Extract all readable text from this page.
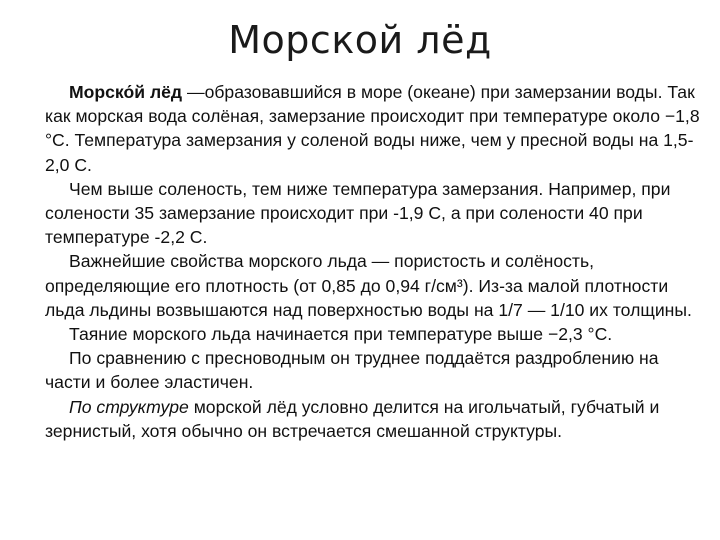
Морской лёд

Морско́й лёд —образовавшийся в море (океане) при замерзании воды. Так как морская вода солёная, замерзание происходит при температуре около −1,8 °C. Температура замерзания у соленой воды ниже, чем у пресной воды на 1,5-2,0 С.

Чем выше соленость, тем ниже температура замерзания. Например, при солености 35 замерзание происходит при -1,9 С, а при солености 40 при температуре -2,2 С.

Важнейшие свойства морского льда — пористость и солёность, определяющие его плотность (от 0,85 до 0,94 г/см³). Из-за малой плотности льда льдины возвышаются над поверхностью воды на 1/7 — 1/10 их толщины.

Таяние морского льда начинается при температуре выше −2,3 °C.

По сравнению с пресноводным он труднее поддаётся раздроблению на части и более эластичен.

По структуре морской лёд условно делится на игольчатый, губчатый и зернистый, хотя обычно он встречается смешанной структуры.
